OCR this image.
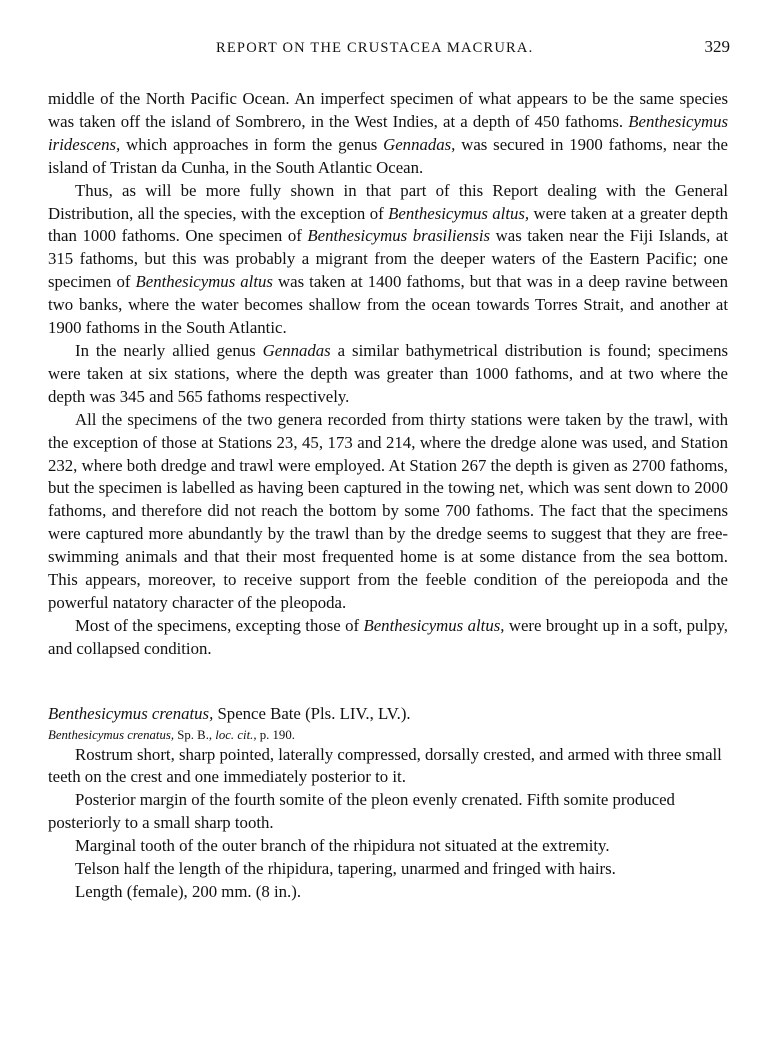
REPORT ON THE CRUSTACEA MACRURA.	329

middle of the North Pacific Ocean. An imperfect specimen of what appears to be the same species was taken off the island of Sombrero, in the West Indies, at a depth of 450 fathoms. Benthesicymus iridescens, which approaches in form the genus Gennadas, was secured in 1900 fathoms, near the island of Tristan da Cunha, in the South Atlantic Ocean.

Thus, as will be more fully shown in that part of this Report dealing with the General Distribution, all the species, with the exception of Benthesicymus altus, were taken at a greater depth than 1000 fathoms. One specimen of Benthesicymus brasiliensis was taken near the Fiji Islands, at 315 fathoms, but this was probably a migrant from the deeper waters of the Eastern Pacific; one specimen of Benthesicymus altus was taken at 1400 fathoms, but that was in a deep ravine between two banks, where the water becomes shallow from the ocean towards Torres Strait, and another at 1900 fathoms in the South Atlantic.

In the nearly allied genus Gennadas a similar bathymetrical distribution is found; specimens were taken at six stations, where the depth was greater than 1000 fathoms, and at two where the depth was 345 and 565 fathoms respectively.

All the specimens of the two genera recorded from thirty stations were taken by the trawl, with the exception of those at Stations 23, 45, 173 and 214, where the dredge alone was used, and Station 232, where both dredge and trawl were employed. At Station 267 the depth is given as 2700 fathoms, but the specimen is labelled as having been captured in the towing net, which was sent down to 2000 fathoms, and therefore did not reach the bottom by some 700 fathoms. The fact that the specimens were captured more abundantly by the trawl than by the dredge seems to suggest that they are free-swimming animals and that their most frequented home is at some distance from the sea bottom. This appears, moreover, to receive support from the feeble condition of the pereiopoda and the powerful natatory character of the pleopoda.

Most of the specimens, excepting those of Benthesicymus altus, were brought up in a soft, pulpy, and collapsed condition.

Benthesicymus crenatus, Spence Bate (Pls. LIV., LV.).

Benthesicymus crenatus, Sp. B., loc. cit., p. 190.

Rostrum short, sharp pointed, laterally compressed, dorsally crested, and armed with three small teeth on the crest and one immediately posterior to it.

Posterior margin of the fourth somite of the pleon evenly crenated. Fifth somite produced posteriorly to a small sharp tooth.

Marginal tooth of the outer branch of the rhipidura not situated at the extremity.

Telson half the length of the rhipidura, tapering, unarmed and fringed with hairs.

Length (female), 200 mm. (8 in.).
